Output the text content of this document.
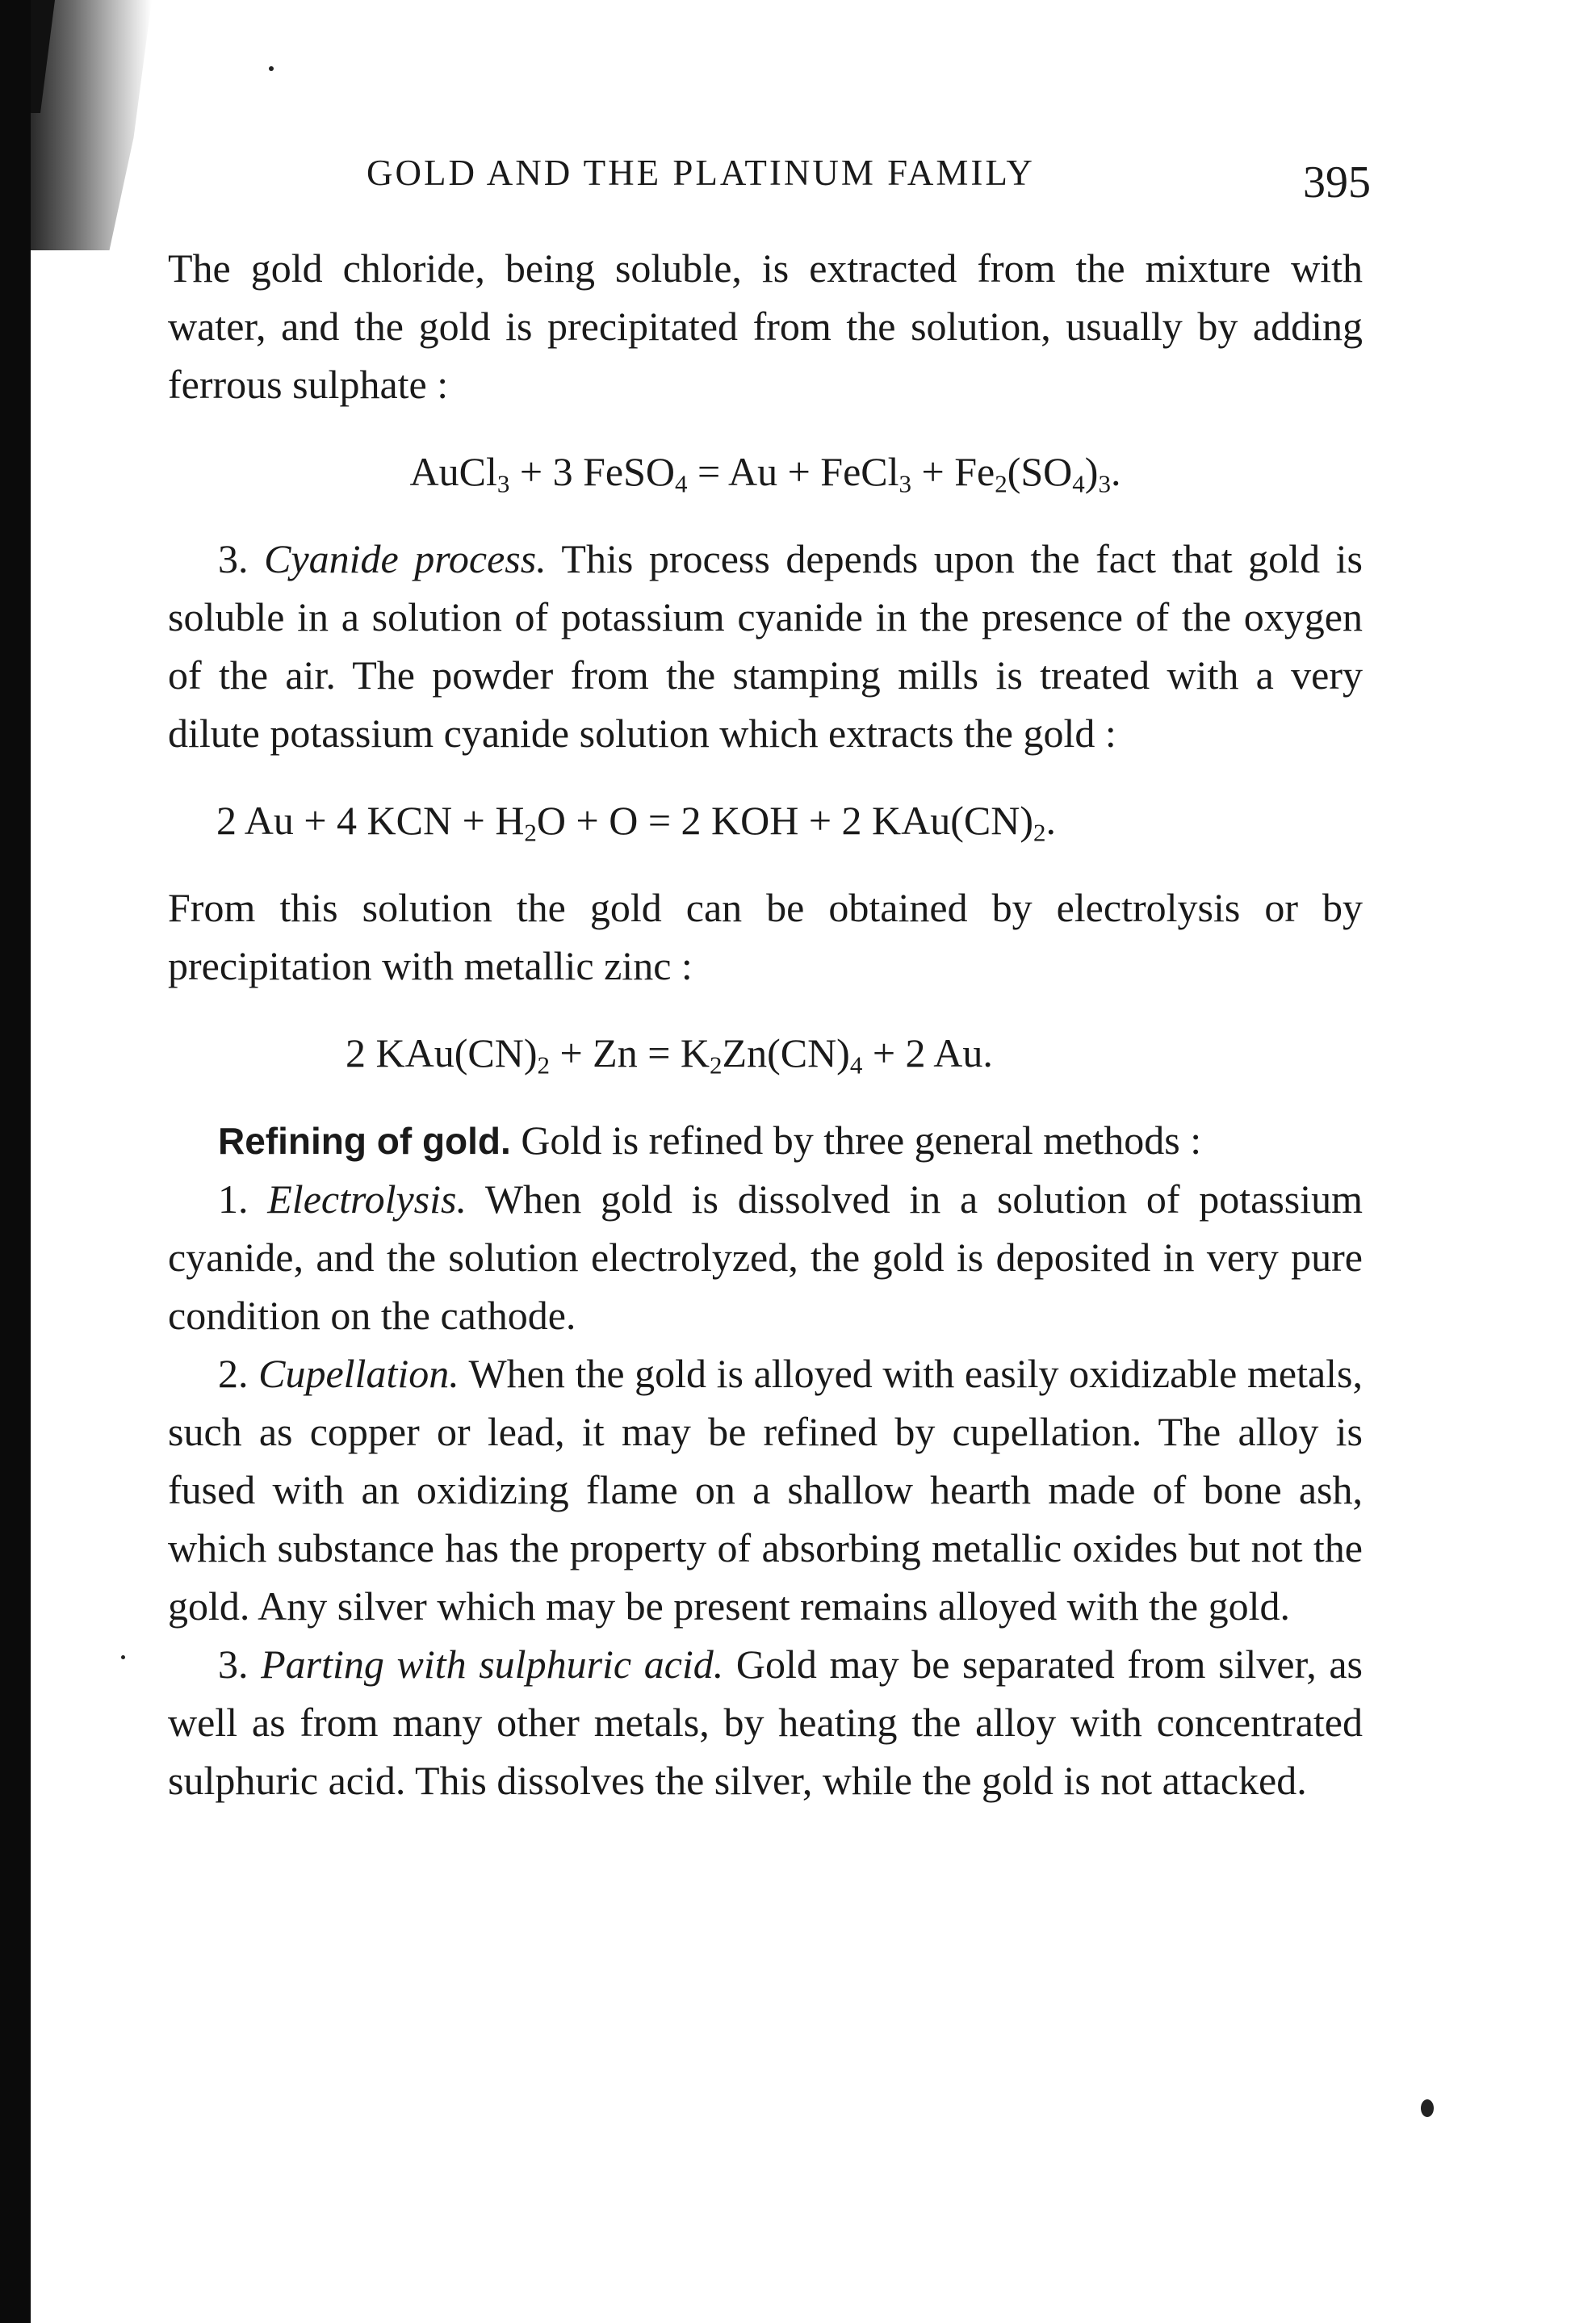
GOLD AND THE PLATINUM FAMILY	395

The gold chloride, being soluble, is extracted from the mixture with water, and the gold is precipitated from the solution, usually by adding ferrous sulphate :

AuCl$_3$ + 3 FeSO$_4$ = Au + FeCl$_3$ + $Fe_2(SO_4)_3$.

3. Cyanide process. This process depends upon the fact that gold is soluble in a solution of potassium cyanide in the presence of the oxygen of the air. The powder from the stamping mills is treated with a very dilute potassium cyanide solution which extracts the gold :

2 Au + 4 KCN + $H_2O + O = 2$ KOH + 2 $KAu(CN)_2$.

From this solution the gold can be obtained by electrolysis or by precipitation with metallic zinc :

2 $KAu(CN)_2 + Zn = K_2Zn(CN)_4 + 2$ Au.

Refining of gold. Gold is refined by three general methods :

1. Electrolysis. When gold is dissolved in a solution of potassium cyanide, and the solution electrolyzed, the gold is deposited in very pure condition on the cathode.

2. Cupellation. When the gold is alloyed with easily oxidizable metals, such as copper or lead, it may be refined by cupellation. The alloy is fused with an oxidizing flame on a shallow hearth made of bone ash, which substance has the property of absorbing metallic oxides but not the gold. Any silver which may be present remains alloyed with the gold.

3. Parting with sulphuric acid. Gold may be separated from silver, as well as from many other metals, by heating the alloy with concentrated sulphuric acid. This dissolves the silver, while the gold is not attacked.
